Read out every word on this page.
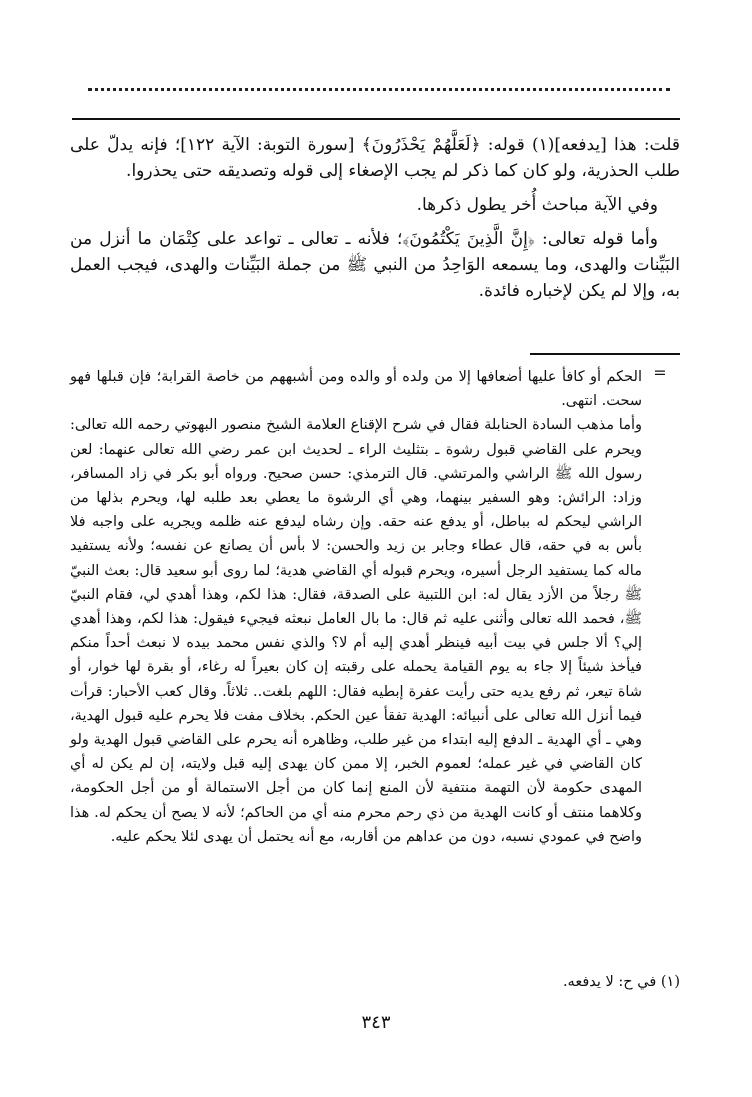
قلت: هذا [يدفعه](١) قوله: ﴿لَعَلَّهُمْ يَحْذَرُونَ﴾ [سورة التوبة: الآية ١٢٢]؛ فإنه يدلّ على طلب الحذرية، ولو كان كما ذكر لم يجب الإصغاء إلى قوله وتصديقه حتى يحذروا.

وفي الآية مباحث أُخر يطول ذكرها.

وأما قوله تعالى: ﴿إِنَّ الَّذِينَ يَكْتُمُونَ﴾؛ فلأنه ـ تعالى ـ تواعد على كِتْمَان ما أنزل من البَيِّنات والهدى، وما يسمعه الوَاحِدُ من النبي ﷺ من جملة البَيِّنات والهدى، فيجب العمل به، وإلا لم يكن لإخباره فائدة.

=

الحكم أو كافأ عليها أضعافها إلا من ولده أو والده ومن أشبههم من خاصة القرابة؛ فإن قبلها فهو سحت. انتهى.

وأما مذهب السادة الحنابلة فقال في شرح الإقناع العلامة الشيخ منصور البهوتي رحمه الله تعالى: ويحرم على القاضي قبول رشوة ـ بتثليث الراء ـ لحديث ابن عمر رضي الله تعالى عنهما: لعن رسول الله ﷺ الراشي والمرتشي. قال الترمذي: حسن صحيح. ورواه أبو بكر في زاد المسافر، وزاد: الرائش: وهو السفير بينهما، وهي أي الرشوة ما يعطي بعد طلبه لها، ويحرم بذلها من الراشي ليحكم له بباطل، أو يدفع عنه حقه. وإن رشاه ليدفع عنه ظلمه ويجريه على واجبه فلا بأس به في حقه، قال عطاء وجابر بن زيد والحسن: لا بأس أن يصانع عن نفسه؛ ولأنه يستفيد ماله كما يستفيد الرجل أسيره، ويحرم قبوله أي القاضي هدية؛ لما روى أبو سعيد قال: بعث النبيّ ﷺ رجلاً من الأزد يقال له: ابن اللتبية على الصدقة، فقال: هذا لكم، وهذا أهدي لي، فقام النبيّ ﷺ، فحمد الله تعالى وأثنى عليه ثم قال: ما بال العامل نبعثه فيجيء فيقول: هذا لكم، وهذا أهدي إلي؟ ألا جلس في بيت أبيه فينظر أهدي إليه أم لا؟ والذي نفس محمد بيده لا نبعث أحداً منكم فيأخذ شيئاً إلا جاء به يوم القيامة يحمله على رقبته إن كان بعيراً له رغاء، أو بقرة لها خوار، أو شاة تيعر، ثم رفع يديه حتى رأيت عفرة إبطيه فقال: اللهم بلغت.. ثلاثاً. وقال كعب الأحبار: قرأت فيما أنزل الله تعالى على أنبيائه: الهدية تفقأ عين الحكم. بخلاف مفت فلا يحرم عليه قبول الهدية، وهي ـ أي الهدية ـ الدفع إليه ابتداء من غير طلب، وظاهره أنه يحرم على القاضي قبول الهدية ولو كان القاضي في غير عمله؛ لعموم الخبر، إلا ممن كان يهدى إليه قبل ولايته، إن لم يكن له أي المهدى حكومة لأن التهمة منتفية لأن المنع إنما كان من أجل الاستمالة أو من أجل الحكومة، وكلاهما منتف أو كانت الهدية من ذي رحم محرم منه أي من الحاكم؛ لأنه لا يصح أن يحكم له. هذا واضح في عمودي نسبه، دون من عداهم من أقاربه، مع أنه يحتمل أن يهدى لئلا يحكم عليه.

(١) في ح: لا يدفعه.
٣٤٣
